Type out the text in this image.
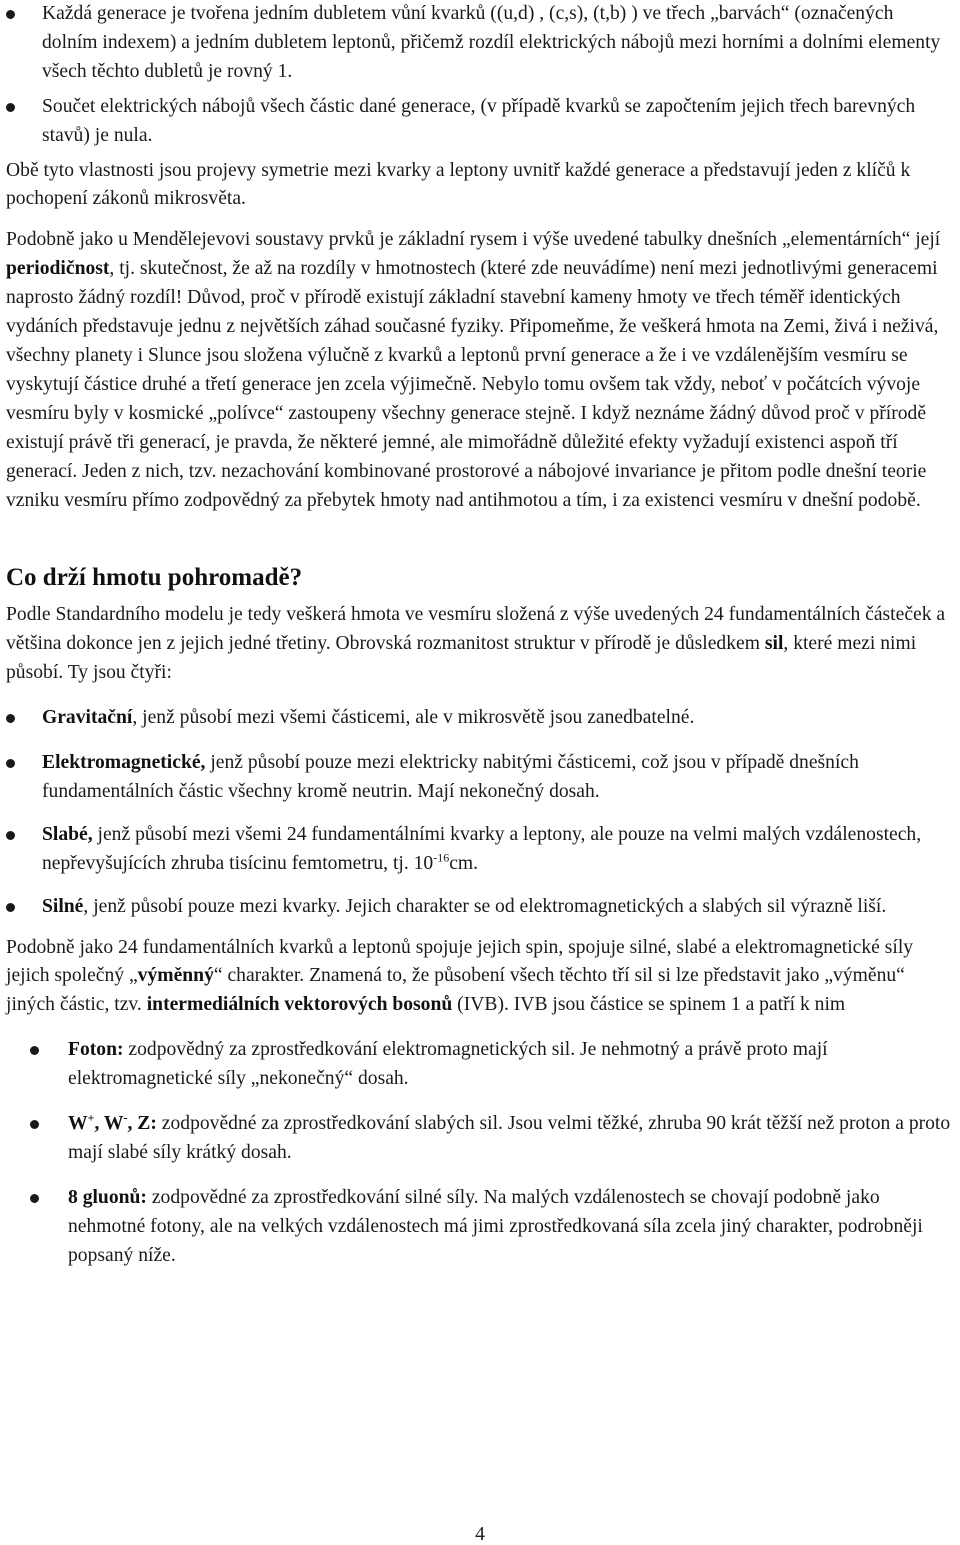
Každá generace je tvořena jedním dubletem vůní kvarků ((u,d) , (c,s), (t,b) ) ve třech „barvách“ (označených dolním indexem) a jedním dubletem leptonů, přičemž rozdíl elektrických nábojů mezi horními a dolními elementy všech těchto dubletů je rovný 1.
Součet elektrických nábojů všech částic dané generace, (v případě kvarků se započtením jejich třech barevných stavů) je nula.

Obě tyto vlastnosti jsou projevy symetrie mezi kvarky a leptony uvnitř každé generace a představují jeden z klíčů k pochopení zákonů mikrosvěta.

Podobně jako u Mendělejevovi soustavy prvků je základní rysem i výše uvedené tabulky dnešních „elementárních“ její periodičnost, tj. skutečnost, že až na rozdíly v hmotnostech (které zde neuvádíme) není mezi jednotlivými generacemi naprosto žádný rozdíl! Důvod, proč v přírodě existují základní stavební kameny hmoty ve třech téměř identických vydáních představuje jednu z největších záhad současné fyziky. Připomeňme, že veškerá hmota na Zemi, živá i neživá, všechny planety i Slunce jsou složena výlučně z kvarků a leptonů první generace a že i ve vzdálenějším vesmíru se vyskytují částice druhé a třetí generace jen zcela výjimečně. Nebylo tomu ovšem tak vždy, neboť v počátcích vývoje vesmíru byly v kosmické „polívce“ zastoupeny všechny generace stejně. I když neznáme žádný důvod proč v přírodě existují právě tři generací, je pravda, že některé jemné, ale mimořádně důležité efekty vyžadují existenci aspoň tří generací. Jeden z nich, tzv. nezachování kombinované prostorové a nábojové invariance je přitom podle dnešní teorie vzniku vesmíru přímo zodpovědný za přebytek hmoty nad antihmotou a tím, i za existenci vesmíru v dnešní podobě.

Co drží hmotu pohromadě?

Podle Standardního modelu je tedy veškerá hmota ve vesmíru složená z výše uvedených 24 fundamentálních částeček a většina dokonce jen z jejich jedné třetiny. Obrovská rozmanitost struktur v přírodě je důsledkem sil, které mezi nimi působí. Ty jsou čtyři:

Gravitační, jenž působí mezi všemi částicemi, ale v mikrosvětě jsou zanedbatelné.
Elektromagnetické, jenž působí pouze mezi elektricky nabitými částicemi, což jsou v případě dnešních fundamentálních částic všechny kromě neutrin. Mají nekonečný dosah.
Slabé, jenž působí mezi všemi 24 fundamentálními kvarky a leptony, ale pouze na velmi malých vzdálenostech, nepřevyšujících zhruba tisícinu femtometru, tj. $10^{-16}cm$.
Silné, jenž působí pouze mezi kvarky. Jejich charakter se od elektromagnetických a slabých sil výrazně liší.

Podobně jako 24 fundamentálních kvarků a leptonů spojuje jejich spin, spojuje silné, slabé a elektromagnetické síly jejich společný „výměnný“ charakter. Znamená to, že působení všech těchto tří sil si lze představit jako „výměnu“ jiných částic, tzv. intermediálních vektorových bosonů (IVB). IVB jsou částice se spinem 1 a patří k nim

Foton: zodpovědný za zprostředkování elektromagnetických sil. Je nehmotný a právě proto mají elektromagnetické síly „nekonečný“ dosah.
W+, W-, Z: zodpovědné za zprostředkování slabých sil. Jsou velmi těžké, zhruba 90 krát těžší než proton a proto mají slabé síly krátký dosah.
8 gluonů: zodpovědné za zprostředkování silné síly. Na malých vzdálenostech se chovají podobně jako nehmotné fotony, ale na velkých vzdálenostech má jimi zprostředkovaná síla zcela jiný charakter, podrobněji popsaný níže.
4
